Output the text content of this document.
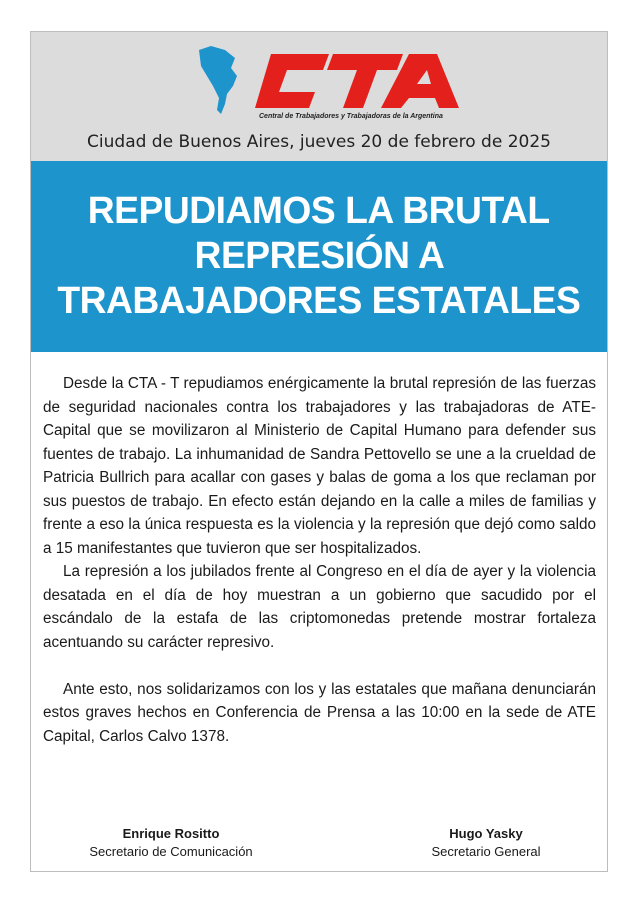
Central de Trabajadores y Trabajadoras de la Argentina
Ciudad de Buenos Aires, jueves 20 de febrero de 2025
REPUDIAMOS LA BRUTAL
REPRESIÓN A
TRABAJADORES ESTATALES

Desde la CTA - T repudiamos enérgicamente la brutal represión de las fuerzas de seguridad nacionales contra los trabajadores y las trabajadoras de ATE-Capital que se movilizaron al Ministerio de Capital Humano para defender sus fuentes de trabajo. La inhumanidad de Sandra Pettovello se une a la crueldad de Patricia Bullrich para acallar con gases y balas de goma a los que reclaman por sus puestos de trabajo. En efecto están dejando en la calle a miles de familias y frente a eso la única respuesta es la violencia y la represión que dejó como saldo a 15 manifestantes que tuvieron que ser hospitalizados.

La represión a los jubilados frente al Congreso en el día de ayer y la violencia desatada en el día de hoy muestran a un gobierno que sacudido por el escándalo de la estafa de las criptomonedas pretende mostrar fortaleza acentuando su carácter represivo.

Ante esto, nos solidarizamos con los y las estatales que mañana denunciarán estos graves hechos en Conferencia de Prensa a las 10:00 en la sede de ATE Capital, Carlos Calvo 1378.

Enrique Rositto
Secretario de Comunicación
Hugo Yasky
Secretario General
